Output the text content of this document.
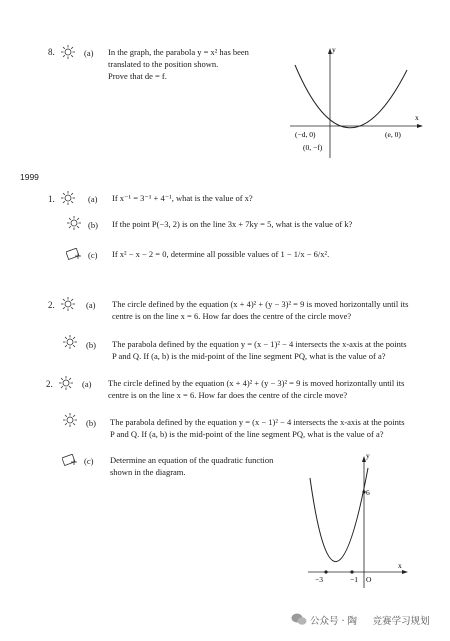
8.	(a) In the graph, the parabola y = x² has been
translated to the position shown.
Prove that de = f.
y
x
(−d, 0)	(e, 0)
(0, −f)
1999
1.	(a) If x⁻¹ = 3⁻¹ + 4⁻¹, what is the value of x?
(b) If the point P(−3, 2) is on the line 3x + 7ky = 5, what is the value of k?
(c) If x² − x − 2 = 0, determine all possible values of 1 − 1/x − 6/x².
2.	(a) The circle defined by the equation (x + 4)² + (y − 3)² = 9 is moved horizontally until its
centre is on the line x = 6. How far does the centre of the circle move?
(b) The parabola defined by the equation y = (x − 1)² − 4 intersects the x-axis at the points
P and Q. If (a, b) is the mid-point of the line segment PQ, what is the value of a?
2.	(a) The circle defined by the equation (x + 4)² + (y − 3)² = 9 is moved horizontally until its
centre is on the line x = 6. How far does the centre of the circle move?
(b) The parabola defined by the equation y = (x − 1)² − 4 intersects the x-axis at the points
P and Q. If (a, b) is the mid-point of the line segment PQ, what is the value of a?
(c) Determine an equation of the quadratic function
shown in the diagram.
y
x
6
−3	−1 O
公众号 · 陶 　 竞赛学习规划
